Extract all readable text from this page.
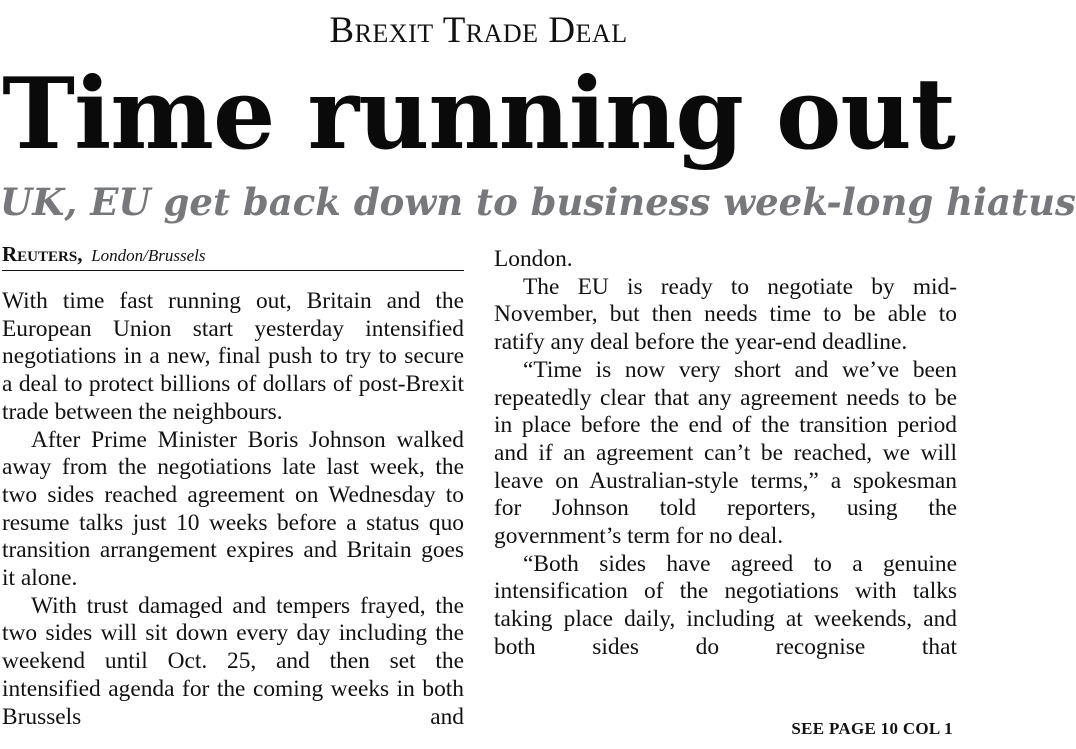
Brexit Trade Deal
Time running out
UK, EU get back down to business week-long hiatus
Reuters, London/Brussels

With time fast running out, Britain and the European Union start yesterday intensified negotiations in a new, final push to try to secure a deal to protect billions of dollars of post-Brexit trade between the neighbours.

After Prime Minister Boris Johnson walked away from the negotiations late last week, the two sides reached agreement on Wednesday to resume talks just 10 weeks before a status quo transition arrangement expires and Britain goes it alone.

With trust damaged and tempers frayed, the two sides will sit down every day including the weekend until Oct. 25, and then set the intensified agenda for the coming weeks in both Brussels and

London.

The EU is ready to negotiate by mid-November, but then needs time to be able to ratify any deal before the year-end deadline.

“Time is now very short and we’ve been repeatedly clear that any agreement needs to be in place before the end of the transition period and if an agreement can’t be reached, we will leave on Australian-style terms,” a spokesman for Johnson told reporters, using the government’s term for no deal.

“Both sides have agreed to a genuine intensification of the negotiations with talks taking place daily, including at weekends, and both sides do recognise that

SEE PAGE 10 COL 1
